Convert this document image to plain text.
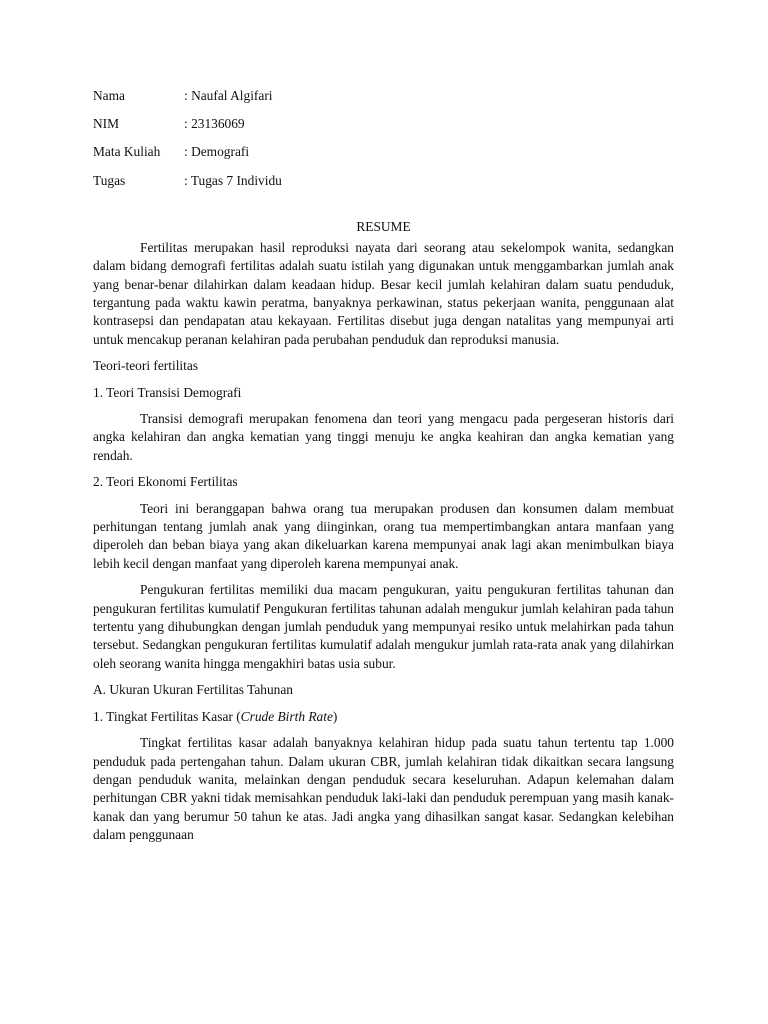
Nama	: Naufal Algifari
NIM	: 23136069
Mata Kuliah	: Demografi
Tugas	: Tugas 7 Individu
RESUME

Fertilitas merupakan hasil reproduksi nayata dari seorang atau sekelompok wanita, sedangkan dalam bidang demografi fertilitas adalah suatu istilah yang digunakan untuk menggambarkan jumlah anak yang benar-benar dilahirkan dalam keadaan hidup. Besar kecil jumlah kelahiran dalam suatu penduduk, tergantung pada waktu kawin peratma, banyaknya perkawinan, status pekerjaan wanita, penggunaan alat kontrasepsi dan pendapatan atau kekayaan. Fertilitas disebut juga dengan natalitas yang mempunyai arti untuk mencakup peranan kelahiran pada perubahan penduduk dan reproduksi manusia.

Teori-teori fertilitas

1. Teori Transisi Demografi

Transisi demografi merupakan fenomena dan teori yang mengacu pada pergeseran historis dari angka kelahiran dan angka kematian yang tinggi menuju ke angka keahiran dan angka kematian yang rendah.

2. Teori Ekonomi Fertilitas

Teori ini beranggapan bahwa orang tua merupakan produsen dan konsumen dalam membuat perhitungan tentang jumlah anak yang diinginkan, orang tua mempertimbangkan antara manfaan yang diperoleh dan beban biaya yang akan dikeluarkan karena mempunyai anak lagi akan menimbulkan biaya lebih kecil dengan manfaat yang diperoleh karena mempunyai anak.

Pengukuran fertilitas memiliki dua macam pengukuran, yaitu pengukuran fertilitas tahunan dan pengukuran fertilitas kumulatif Pengukuran fertilitas tahunan adalah mengukur jumlah kelahiran pada tahun tertentu yang dihubungkan dengan jumlah penduduk yang mempunyai resiko untuk melahirkan pada tahun tersebut. Sedangkan pengukuran fertilitas kumulatif adalah mengukur jumlah rata-rata anak yang dilahirkan oleh seorang wanita hingga mengakhiri batas usia subur.

A. Ukuran Ukuran Fertilitas Tahunan

1. Tingkat Fertilitas Kasar (Crude Birth Rate)

Tingkat fertilitas kasar adalah banyaknya kelahiran hidup pada suatu tahun tertentu tap 1.000 penduduk pada pertengahan tahun. Dalam ukuran CBR, jumlah kelahiran tidak dikaitkan secara langsung dengan penduduk wanita, melainkan dengan penduduk secara keseluruhan. Adapun kelemahan dalam perhitungan CBR yakni tidak memisahkan penduduk laki-laki dan penduduk perempuan yang masih kanak-kanak dan yang berumur 50 tahun ke atas. Jadi angka yang dihasilkan sangat kasar. Sedangkan kelebihan dalam penggunaan
